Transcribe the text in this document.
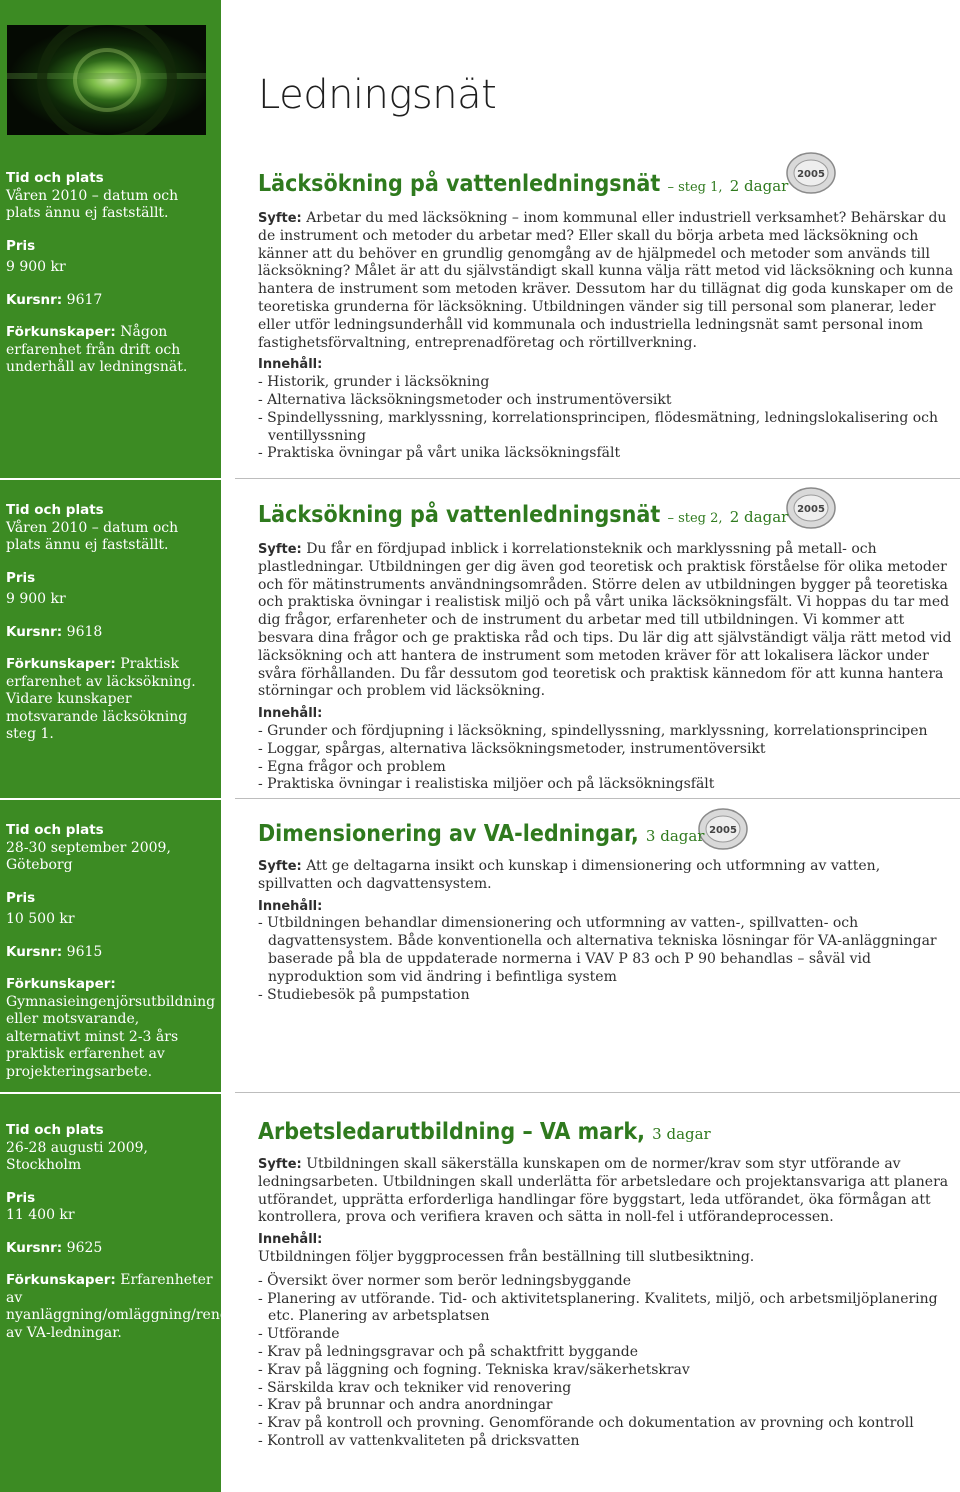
Ledningsnät
Tid och plats
Våren 2010 – datum och plats ännu ej fastställt.
Pris
9 900 kr
Kursnr: 9617
Förkunskaper: Någon erfarenhet från drift och underhåll av ledningsnät.
Tid och plats
Våren 2010 – datum och plats ännu ej fastställt.
Pris
9 900 kr
Kursnr: 9618
Förkunskaper: Praktisk erfarenhet av läcksökning. Vidare kunskaper motsvarande läcksökning steg 1.
Tid och plats
28-30 september 2009, Göteborg
Pris
10 500 kr
Kursnr: 9615
Förkunskaper: Gymnasieingenjörsutbildning eller motsvarande, alternativt minst 2-3 års praktisk erfarenhet av projekteringsarbete.
Tid och plats
26-28 augusti 2009, Stockholm
Pris
11 400 kr
Kursnr: 9625
Förkunskaper: Erfarenheter av nyanläggning/omläggning/renovering av VA-ledningar.
2005
2005
2005
Läcksökning på vattenledningsnät – steg 1, 2 dagar

Syfte: Arbetar du med läcksökning – inom kommunal eller industriell verksamhet? Behärskar du de instrument och metoder du arbetar med? Eller skall du börja arbeta med läcksökning och känner att du behöver en grundlig genomgång av de hjälpmedel och metoder som används till läcksökning? Målet är att du självständigt skall kunna välja rätt metod vid läcksökning och kunna hantera de instrument som metoden kräver. Dessutom har du tillägnat dig goda kunskaper om de teoretiska grunderna för läcksökning. Utbildningen vänder sig till personal som planerar, leder eller utför ledningsunderhåll vid kommunala och industriella ledningsnät samt personal inom fastighetsförvaltning, entreprenadföretag och rörtillverkning.

Innehåll:
- Historik, grunder i läcksökning
- Alternativa läcksökningsmetoder och instrumentöversikt
- Spindellyssning, marklyssning, korrelationsprincipen, flödesmätning, ledningslokalisering och ventillyssning
- Praktiska övningar på vårt unika läcksökningsfält
Läcksökning på vattenledningsnät – steg 2, 2 dagar

Syfte: Du får en fördjupad inblick i korrelationsteknik och marklyssning på metall- och plastledningar. Utbildningen ger dig även god teoretisk och praktisk förståelse för olika metoder och för mätinstruments användningsområden. Större delen av utbildningen bygger på teoretiska och praktiska övningar i realistisk miljö och på vårt unika läcksökningsfält. Vi hoppas du tar med dig frågor, erfarenheter och de instrument du arbetar med till utbildningen. Vi kommer att besvara dina frågor och ge praktiska råd och tips. Du lär dig att självständigt välja rätt metod vid läcksökning och att hantera de instrument som metoden kräver för att lokalisera läckor under svåra förhållanden. Du får dessutom god teoretisk och praktisk kännedom för att kunna hantera störningar och problem vid läcksökning.

Innehåll:
- Grunder och fördjupning i läcksökning, spindellyssning, marklyssning, korrelationsprincipen
- Loggar, spårgas, alternativa läcksökningsmetoder, instrumentöversikt
- Egna frågor och problem
- Praktiska övningar i realistiska miljöer och på läcksökningsfält
Dimensionering av VA-ledningar, 3 dagar

Syfte: Att ge deltagarna insikt och kunskap i dimensionering och utformning av vatten, spillvatten och dagvattensystem.

Innehåll:
- Utbildningen behandlar dimensionering och utformning av vatten-, spillvatten- och dagvattensystem. Både konventionella och alternativa tekniska lösningar för VA-anläggningar baserade på bla de uppdaterade normerna i VAV P 83 och P 90 behandlas – såväl vid nyproduktion som vid ändring i befintliga system
- Studiebesök på pumpstation
Arbetsledarutbildning – VA mark, 3 dagar

Syfte: Utbildningen skall säkerställa kunskapen om de normer/krav som styr utförande av ledningsarbeten. Utbildningen skall underlätta för arbetsledare och projektansvariga att planera utförandet, upprätta erforderliga handlingar före byggstart, leda utförandet, öka förmågan att kontrollera, prova och verifiera kraven och sätta in noll-fel i utförandeprocessen.

Innehåll:

Utbildningen följer byggprocessen från beställning till slutbesiktning.

- Översikt över normer som berör ledningsbyggande
- Planering av utförande. Tid- och aktivitetsplanering. Kvalitets, miljö, och arbetsmiljöplanering etc. Planering av arbetsplatsen
- Utförande
- Krav på ledningsgravar och på schaktfritt byggande
- Krav på läggning och fogning. Tekniska krav/säkerhetskrav
- Särskilda krav och tekniker vid renovering
- Krav på brunnar och andra anordningar
- Krav på kontroll och provning. Genomförande och dokumentation av provning och kontroll
- Kontroll av vattenkvaliteten på dricksvatten
